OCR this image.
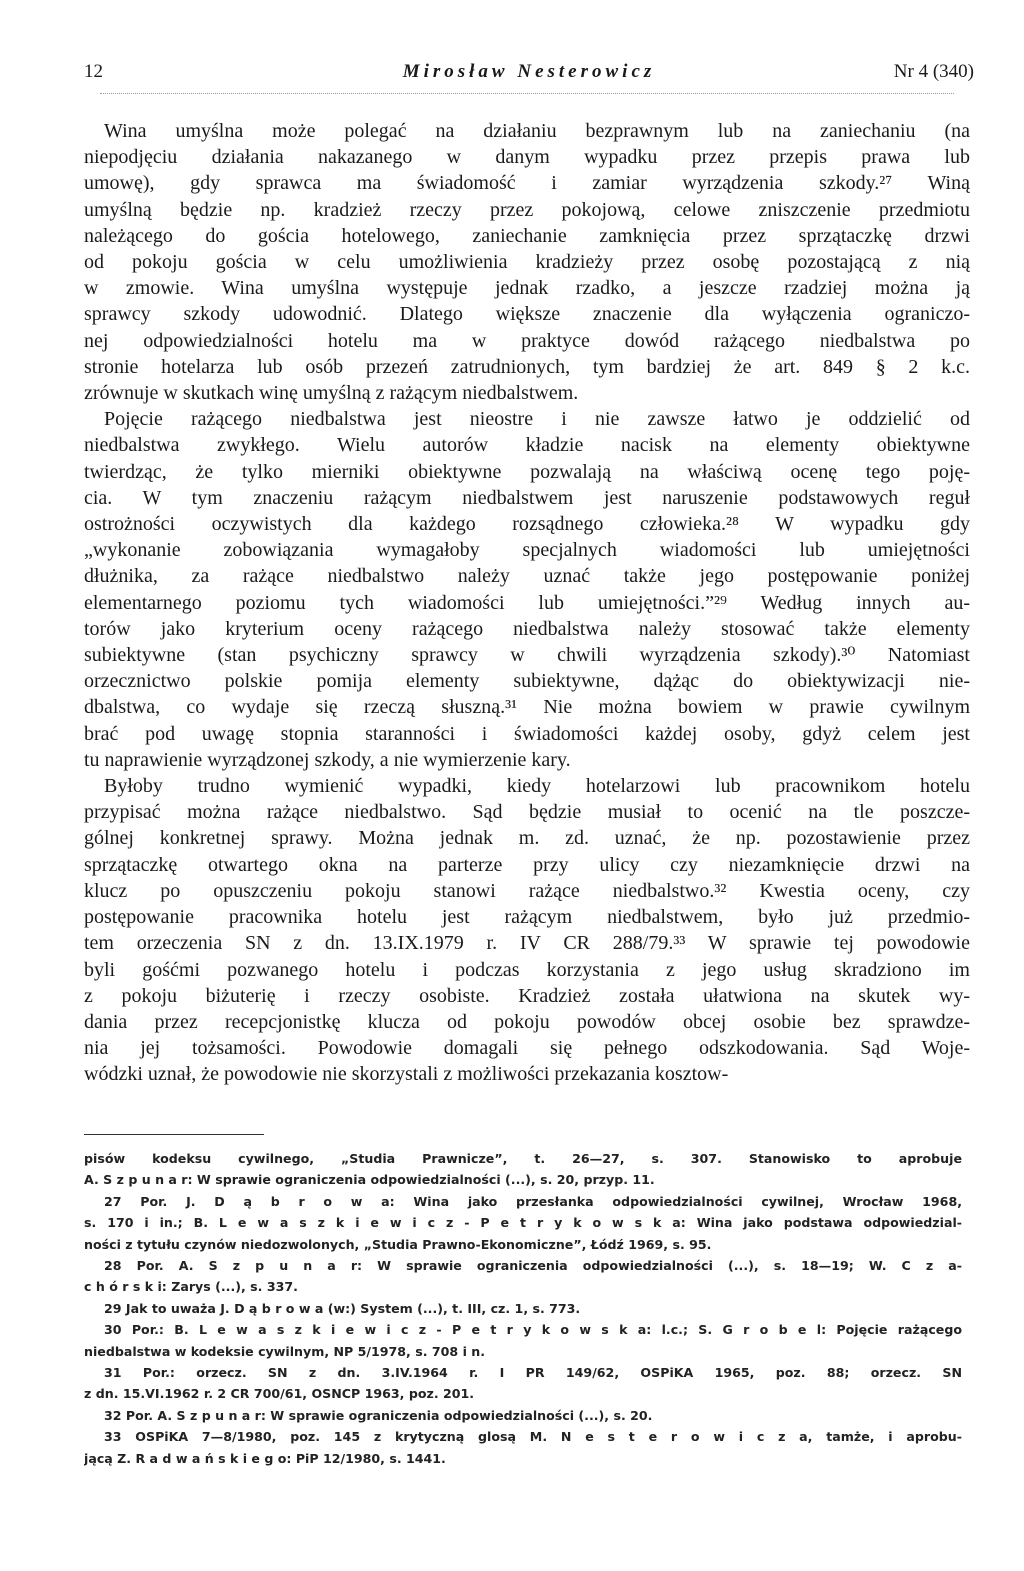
12	Mirosław Nesterowicz	Nr 4 (340)
Wina umyślna może polegać na działaniu bezprawnym lub na zaniechaniu (na
niepodjęciu działania nakazanego w danym wypadku przez przepis prawa lub
umowę), gdy sprawca ma świadomość i zamiar wyrządzenia szkody.²⁷ Winą
umyślną będzie np. kradzież rzeczy przez pokojową, celowe zniszczenie przedmiotu
należącego do gościa hotelowego, zaniechanie zamknięcia przez sprzątaczkę drzwi
od pokoju gościa w celu umożliwienia kradzieży przez osobę pozostającą z nią
w zmowie. Wina umyślna występuje jednak rzadko, a jeszcze rzadziej można ją
sprawcy szkody udowodnić. Dlatego większe znaczenie dla wyłączenia ograniczo-
nej odpowiedzialności hotelu ma w praktyce dowód rażącego niedbalstwa po
stronie hotelarza lub osób przezeń zatrudnionych, tym bardziej że art. 849 § 2 k.c.
zrównuje w skutkach winę umyślną z rażącym niedbalstwem.
Pojęcie rażącego niedbalstwa jest nieostre i nie zawsze łatwo je oddzielić od
niedbalstwa zwykłego. Wielu autorów kładzie nacisk na elementy obiektywne
twierdząc, że tylko mierniki obiektywne pozwalają na właściwą ocenę tego poję-
cia. W tym znaczeniu rażącym niedbalstwem jest naruszenie podstawowych reguł
ostrożności oczywistych dla każdego rozsądnego człowieka.²⁸ W wypadku gdy
„wykonanie zobowiązania wymagałoby specjalnych wiadomości lub umiejętności
dłużnika, za rażące niedbalstwo należy uznać także jego postępowanie poniżej
elementarnego poziomu tych wiadomości lub umiejętności.”²⁹ Według innych au-
torów jako kryterium oceny rażącego niedbalstwa należy stosować także elementy
subiektywne (stan psychiczny sprawcy w chwili wyrządzenia szkody).³⁰ Natomiast
orzecznictwo polskie pomija elementy subiektywne, dążąc do obiektywizacji nie-
dbalstwa, co wydaje się rzeczą słuszną.³¹ Nie można bowiem w prawie cywilnym
brać pod uwagę stopnia staranności i świadomości każdej osoby, gdyż celem jest
tu naprawienie wyrządzonej szkody, a nie wymierzenie kary.
Byłoby trudno wymienić wypadki, kiedy hotelarzowi lub pracownikom hotelu
przypisać można rażące niedbalstwo. Sąd będzie musiał to ocenić na tle poszcze-
gólnej konkretnej sprawy. Można jednak m. zd. uznać, że np. pozostawienie przez
sprzątaczkę otwartego okna na parterze przy ulicy czy niezamknięcie drzwi na
klucz po opuszczeniu pokoju stanowi rażące niedbalstwo.³² Kwestia oceny, czy
postępowanie pracownika hotelu jest rażącym niedbalstwem, było już przedmio-
tem orzeczenia SN z dn. 13.IX.1979 r. IV CR 288/79.³³ W sprawie tej powodowie
byli gośćmi pozwanego hotelu i podczas korzystania z jego usług skradziono im
z pokoju biżuterię i rzeczy osobiste. Kradzież została ułatwiona na skutek wy-
dania przez recepcjonistkę klucza od pokoju powodów obcej osobie bez sprawdze-
nia jej tożsamości. Powodowie domagali się pełnego odszkodowania. Sąd Woje-
wódzki uznał, że powodowie nie skorzystali z możliwości przekazania kosztow-
pisów kodeksu cywilnego, „Studia Prawnicze”, t. 26—27, s. 307. Stanowisko to aprobuje
A. S z p u n a r: W sprawie ograniczenia odpowiedzialności (...), s. 20, przyp. 11.
27 Por. J. D ą b r o w a: Wina jako przesłanka odpowiedzialności cywilnej, Wrocław 1968,
s. 170 i in.; B. L e w a s z k i e w i c z - P e t r y k o w s k a: Wina jako podstawa odpowiedzial-
ności z tytułu czynów niedozwolonych, „Studia Prawno-Ekonomiczne”, Łódź 1969, s. 95.
28 Por. A. S z p u n a r: W sprawie ograniczenia odpowiedzialności (...), s. 18—19; W. C z a-
c h ó r s k i: Zarys (...), s. 337.
29 Jak to uważa J. D ą b r o w a (w:) System (...), t. III, cz. 1, s. 773.
30 Por.: B. L e w a s z k i e w i c z - P e t r y k o w s k a: l.c.; S. G r o b e l: Pojęcie rażącego
niedbalstwa w kodeksie cywilnym, NP 5/1978, s. 708 i n.
31 Por.: orzecz. SN z dn. 3.IV.1964 r. I PR 149/62, OSPiKA 1965, poz. 88; orzecz. SN
z dn. 15.VI.1962 r. 2 CR 700/61, OSNCP 1963, poz. 201.
32 Por. A. S z p u n a r: W sprawie ograniczenia odpowiedzialności (...), s. 20.
33 OSPiKA 7—8/1980, poz. 145 z krytyczną glosą M. N e s t e r o w i c z a, tamże, i aprobu-
jącą Z. R a d w a ń s k i e g o: PiP 12/1980, s. 1441.
